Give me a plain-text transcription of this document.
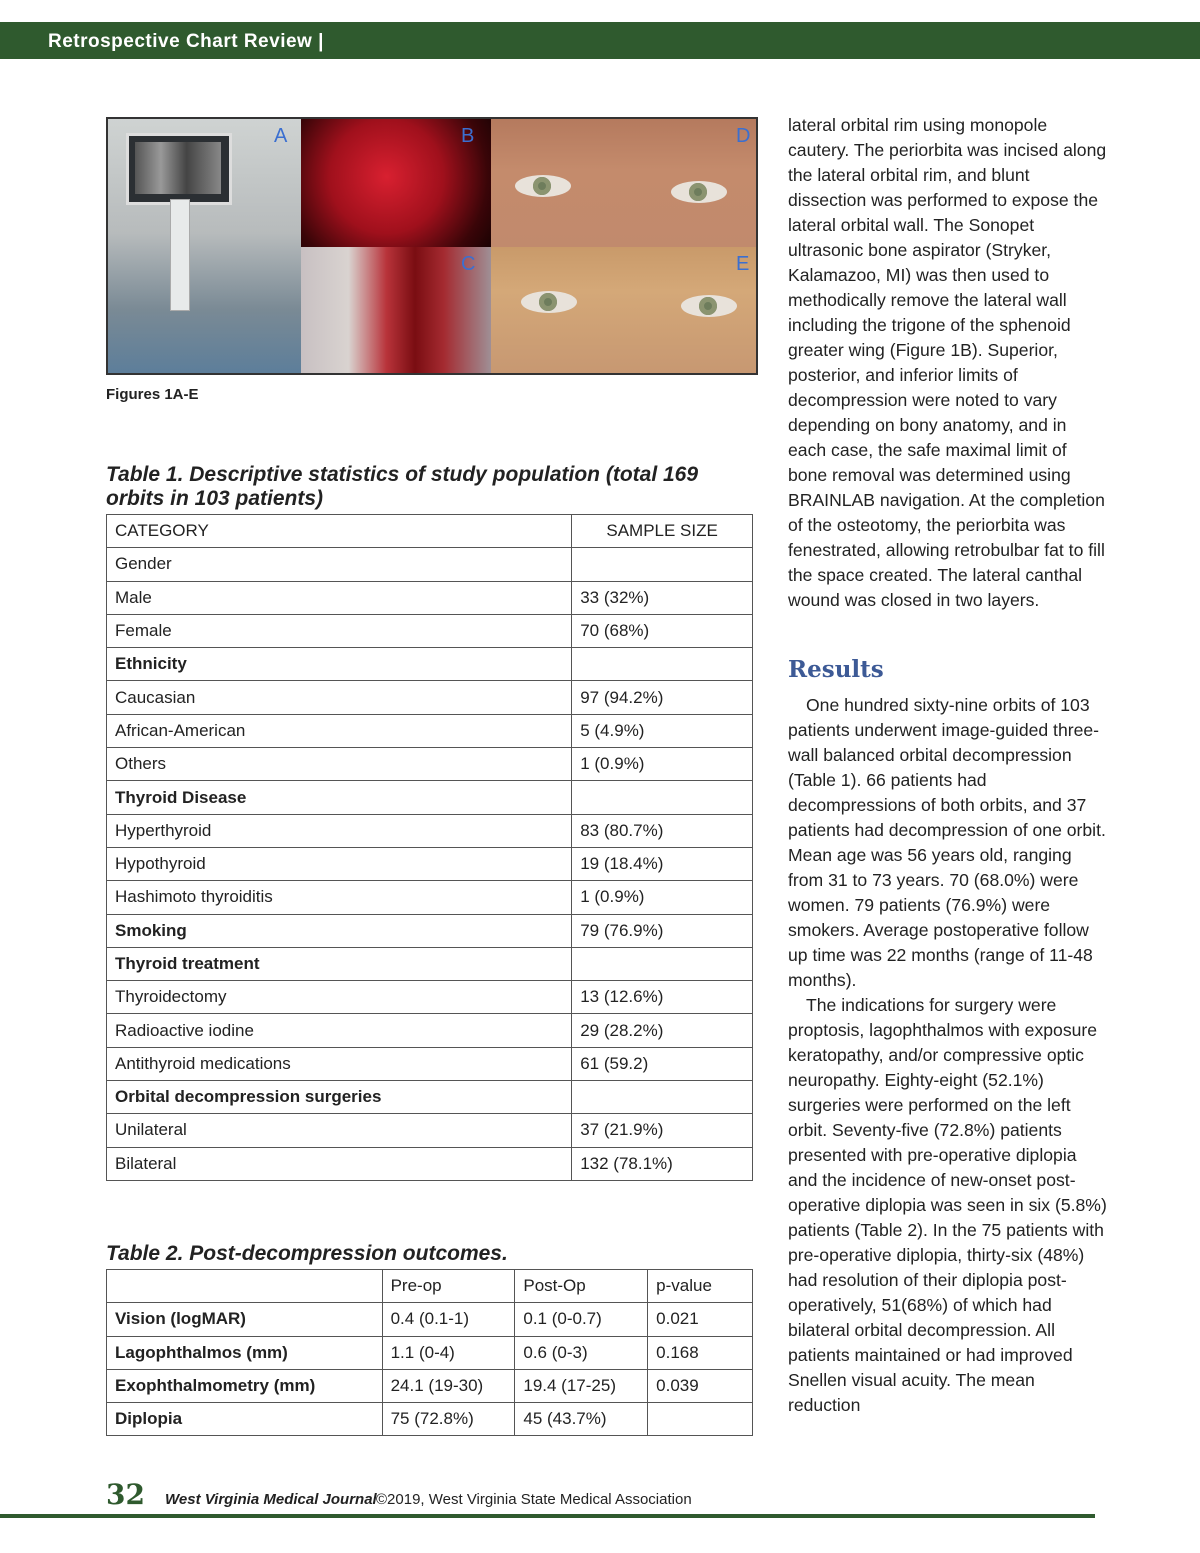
Retrospective Chart Review |
A	B
C
D
E
Figures 1A-E
Table 1. Descriptive statistics of study population (total 169 orbits in 103 patients)
CATEGORY	SAMPLE SIZE
Gender	
Male	33 (32%)
Female	70 (68%)
Ethnicity	
Caucasian	97 (94.2%)
African-American	5 (4.9%)
Others	1 (0.9%)
Thyroid Disease	
Hyperthyroid	83 (80.7%)
Hypothyroid	19 (18.4%)
Hashimoto thyroiditis	1 (0.9%)
Smoking	79 (76.9%)
Thyroid treatment	
Thyroidectomy	13 (12.6%)
Radioactive iodine	29 (28.2%)
Antithyroid medications	61 (59.2)
Orbital decompression surgeries	
Unilateral	37 (21.9%)
Bilateral	132 (78.1%)
Table 2. Post-decompression outcomes.
	Pre-op	Post-Op	p-value
Vision (logMAR)	0.4 (0.1-1)	0.1 (0-0.7)	0.021
Lagophthalmos (mm)	1.1 (0-4)	0.6 (0-3)	0.168
Exophthalmometry (mm)	24.1 (19-30)	19.4 (17-25)	0.039
Diplopia	75 (72.8%)	45 (43.7%)	

lateral orbital rim using monopole cautery. The periorbita was incised along the lateral orbital rim, and blunt dissection was performed to expose the lateral orbital wall. The Sonopet ultrasonic bone aspirator (Stryker, Kalamazoo, MI) was then used to methodically remove the lateral wall including the trigone of the sphenoid greater wing (Figure 1B). Superior, posterior, and inferior limits of decompression were noted to vary depending on bony anatomy, and in each case, the safe maximal limit of bone removal was determined using BRAINLAB navigation. At the completion of the osteotomy, the periorbita was fenestrated, allowing retrobulbar fat to fill the space created. The lateral canthal wound was closed in two layers.

Results

One hundred sixty-nine orbits of 103 patients underwent image-guided three-wall balanced orbital decompression (Table 1). 66 patients had decompressions of both orbits, and 37 patients had decompression of one orbit. Mean age was 56 years old, ranging from 31 to 73 years. 70 (68.0%) were women. 79 patients (76.9%) were smokers. Average postoperative follow up time was 22 months (range of 11-48 months).

The indications for surgery were proptosis, lagophthalmos with exposure keratopathy, and/or compressive optic neuropathy. Eighty-eight (52.1%) surgeries were performed on the left orbit. Seventy-five (72.8%) patients presented with pre-operative diplopia and the incidence of new-onset post-operative diplopia was seen in six (5.8%) patients (Table 2). In the 75 patients with pre-operative diplopia, thirty-six (48%) had resolution of their diplopia post-operatively, 51(68%) of which had bilateral orbital decompression. All patients maintained or had improved Snellen visual acuity. The mean reduction

32 West Virginia Medical Journal ©2019, West Virginia State Medical Association
